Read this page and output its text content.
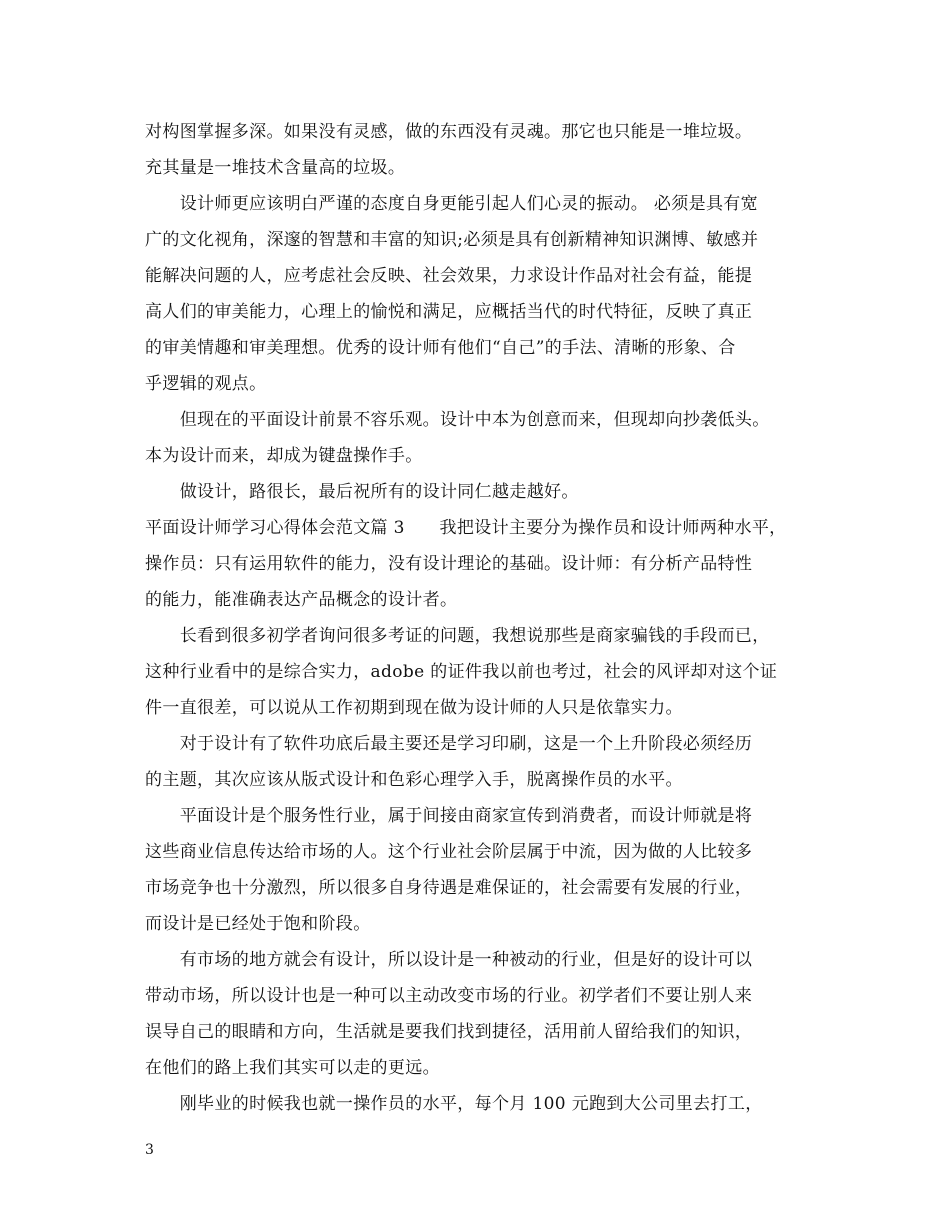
对构图掌握多深。如果没有灵感，做的东西没有灵魂。那它也只能是一堆垃圾。
充其量是一堆技术含量高的垃圾。
　　设计师更应该明白严谨的态度自身更能引起人们心灵的振动。 必须是具有宽
广的文化视角，深邃的智慧和丰富的知识;必须是具有创新精神知识渊博、敏感并
能解决问题的人，应考虑社会反映、社会效果，力求设计作品对社会有益，能提
高人们的审美能力，心理上的愉悦和满足，应概括当代的时代特征，反映了真正
的审美情趣和审美理想。优秀的设计师有他们“自己”的手法、清晰的形象、合
乎逻辑的观点。
　　但现在的平面设计前景不容乐观。设计中本为创意而来，但现却向抄袭低头。
本为设计而来，却成为键盘操作手。
　　做设计，路很长，最后祝所有的设计同仁越走越好。
平面设计师学习心得体会范文篇 3　　我把设计主要分为操作员和设计师两种水平，
操作员：只有运用软件的能力，没有设计理论的基础。设计师：有分析产品特性
的能力，能准确表达产品概念的设计者。
　　长看到很多初学者询问很多考证的问题，我想说那些是商家骗钱的手段而已，
这种行业看中的是综合实力，adobe 的证件我以前也考过，社会的风评却对这个证
件一直很差，可以说从工作初期到现在做为设计师的人只是依靠实力。
　　对于设计有了软件功底后最主要还是学习印刷，这是一个上升阶段必须经历
的主题，其次应该从版式设计和色彩心理学入手，脱离操作员的水平。
　　平面设计是个服务性行业，属于间接由商家宣传到消费者，而设计师就是将
这些商业信息传达给市场的人。这个行业社会阶层属于中流，因为做的人比较多
市场竞争也十分激烈，所以很多自身待遇是难保证的，社会需要有发展的行业，
而设计是已经处于饱和阶段。
　　有市场的地方就会有设计，所以设计是一种被动的行业，但是好的设计可以
带动市场，所以设计也是一种可以主动改变市场的行业。初学者们不要让别人来
误导自己的眼睛和方向，生活就是要我们找到捷径，活用前人留给我们的知识，
在他们的路上我们其实可以走的更远。
　　刚毕业的时候我也就一操作员的水平，每个月 100 元跑到大公司里去打工，
3
